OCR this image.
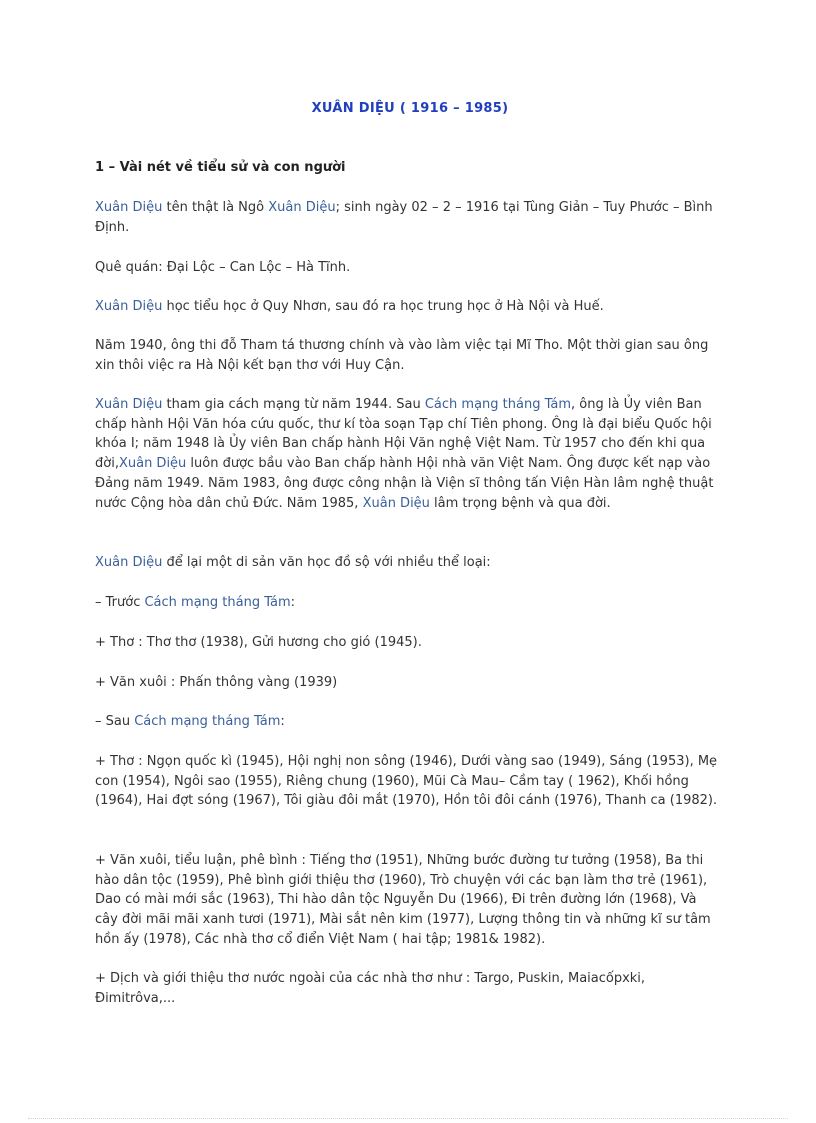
XUÂN DIỆU ( 1916 – 1985)
1 – Vài nét về tiểu sử và con người

Xuân Diệu tên thật là Ngô Xuân Diệu; sinh ngày 02 – 2 – 1916 tại Tùng Giản – Tuy Phước – Bình Định.

Quê quán: Đại Lộc – Can Lộc – Hà Tĩnh.

Xuân Diệu học tiểu học ở Quy Nhơn, sau đó ra học trung học ở Hà Nội và Huế.

Năm 1940, ông thi đỗ Tham tá thương chính và vào làm việc tại Mĩ Tho. Một thời gian sau ông xin thôi việc ra Hà Nội kết bạn thơ với Huy Cận.

Xuân Diệu tham gia cách mạng từ năm 1944. Sau Cách mạng tháng Tám, ông là Ủy viên Ban chấp hành Hội Văn hóa cứu quốc, thư kí tòa soạn Tạp chí Tiên phong. Ông là đại biểu Quốc hội khóa I; năm 1948 là Ủy viên Ban chấp hành Hội Văn nghệ Việt Nam. Từ 1957 cho đến khi qua đời,Xuân Diệu luôn được bầu vào Ban chấp hành Hội nhà văn Việt Nam. Ông được kết nạp vào Đảng năm 1949. Năm 1983, ông được công nhận là Viện sĩ thông tấn Viện Hàn lâm nghệ thuật nước Cộng hòa dân chủ Đức. Năm 1985, Xuân Diệu lâm trọng bệnh và qua đời.

Xuân Diệu để lại một di sản văn học đồ sộ với nhiều thể loại:

– Trước Cách mạng tháng Tám:

+ Thơ : Thơ thơ (1938), Gửi hương cho gió (1945).

+ Văn xuôi : Phấn thông vàng (1939)

– Sau Cách mạng tháng Tám:

+ Thơ : Ngọn quốc kì (1945), Hội nghị non sông (1946), Dưới vàng sao (1949), Sáng (1953), Mẹ con (1954), Ngôi sao (1955), Riêng chung (1960), Mũi Cà Mau– Cầm tay ( 1962), Khối hồng (1964), Hai đợt sóng (1967), Tôi giàu đôi mắt (1970), Hồn tôi đôi cánh (1976), Thanh ca (1982).

+ Văn xuôi, tiểu luận, phê bình : Tiếng thơ (1951), Những bước đường tư tưởng (1958), Ba thi hào dân tộc (1959), Phê bình giới thiệu thơ (1960), Trò chuyện với các bạn làm thơ trẻ (1961), Dao có mài mới sắc (1963), Thi hào dân tộc Nguyễn Du (1966), Đi trên đường lớn (1968), Và cây đời mãi mãi xanh tươi (1971), Mài sắt nên kim (1977), Lượng thông tin và những kĩ sư tâm hồn ấy (1978), Các nhà thơ cổ điển Việt Nam ( hai tập; 1981& 1982).

+ Dịch và giới thiệu thơ nước ngoài của các nhà thơ như : Targo, Puskin, Maiacốpxki, Đimitrôva,...
